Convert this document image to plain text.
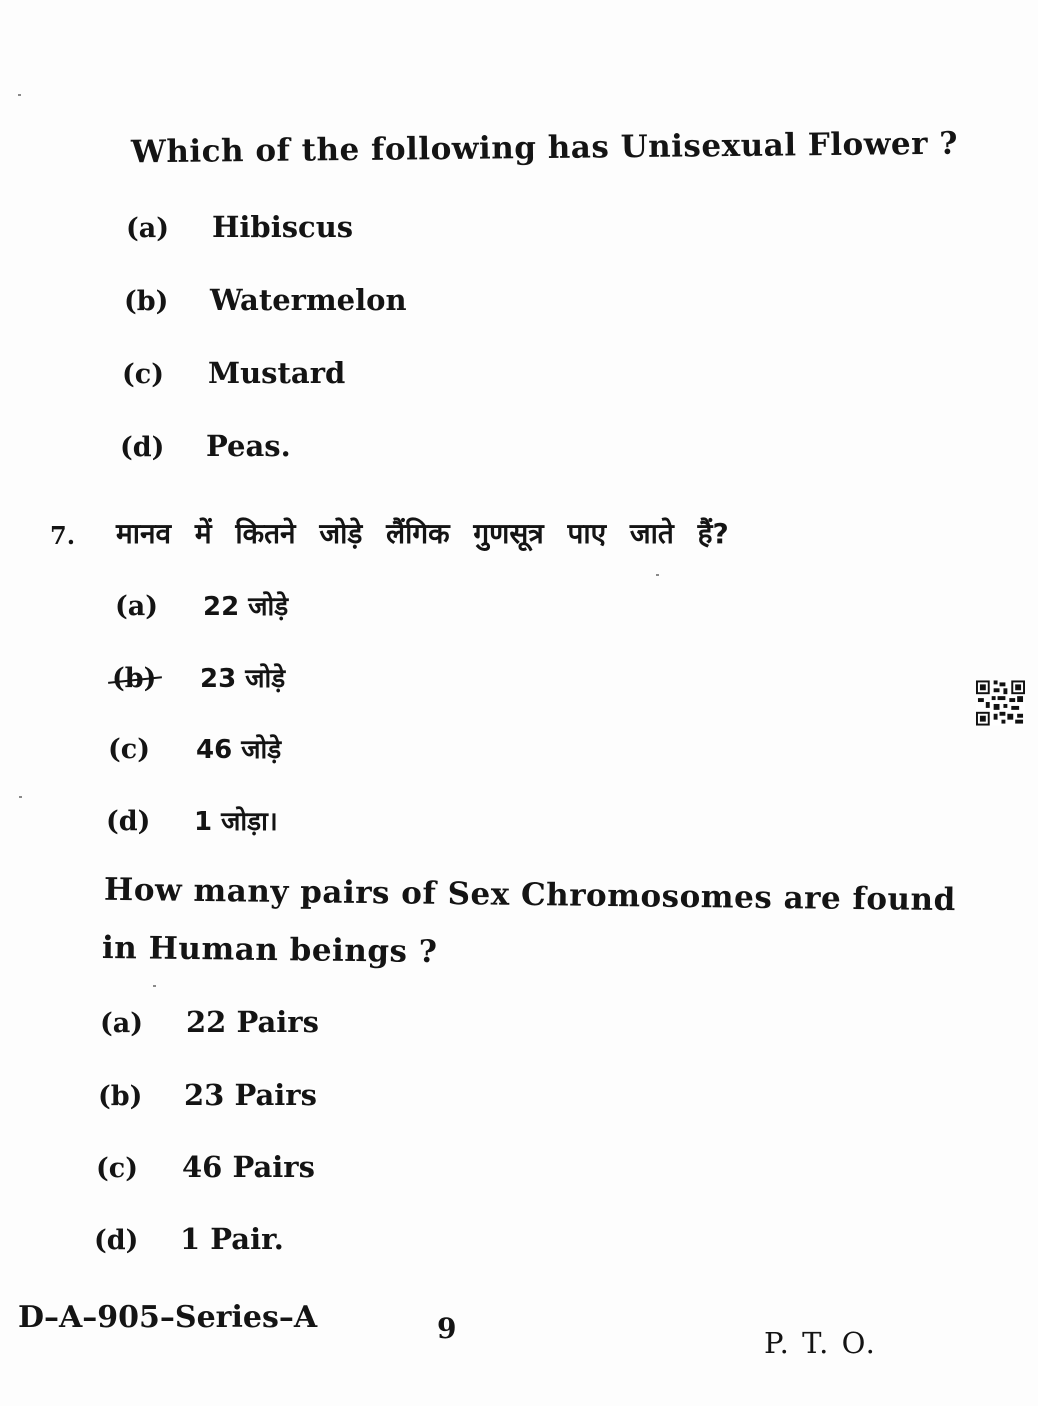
Which of the following has Unisexual Flower ?
(a)	Hibiscus
(b)	Watermelon
(c)	Mustard
(d)	Peas.
7. मानव में कितने जोड़े लैंगिक गुणसूत्र पाए जाते हैं?
(a)	22 जोड़े
(b)	23 जोड़े
(c)	46 जोड़े
(d)	1 जोड़ा।
How many pairs of Sex Chromosomes are found
in Human beings ?
(a)	22 Pairs
(b)	23 Pairs
(c)	46 Pairs
(d)	1 Pair.
D–A–905–Series–A	9	P. T. O.
